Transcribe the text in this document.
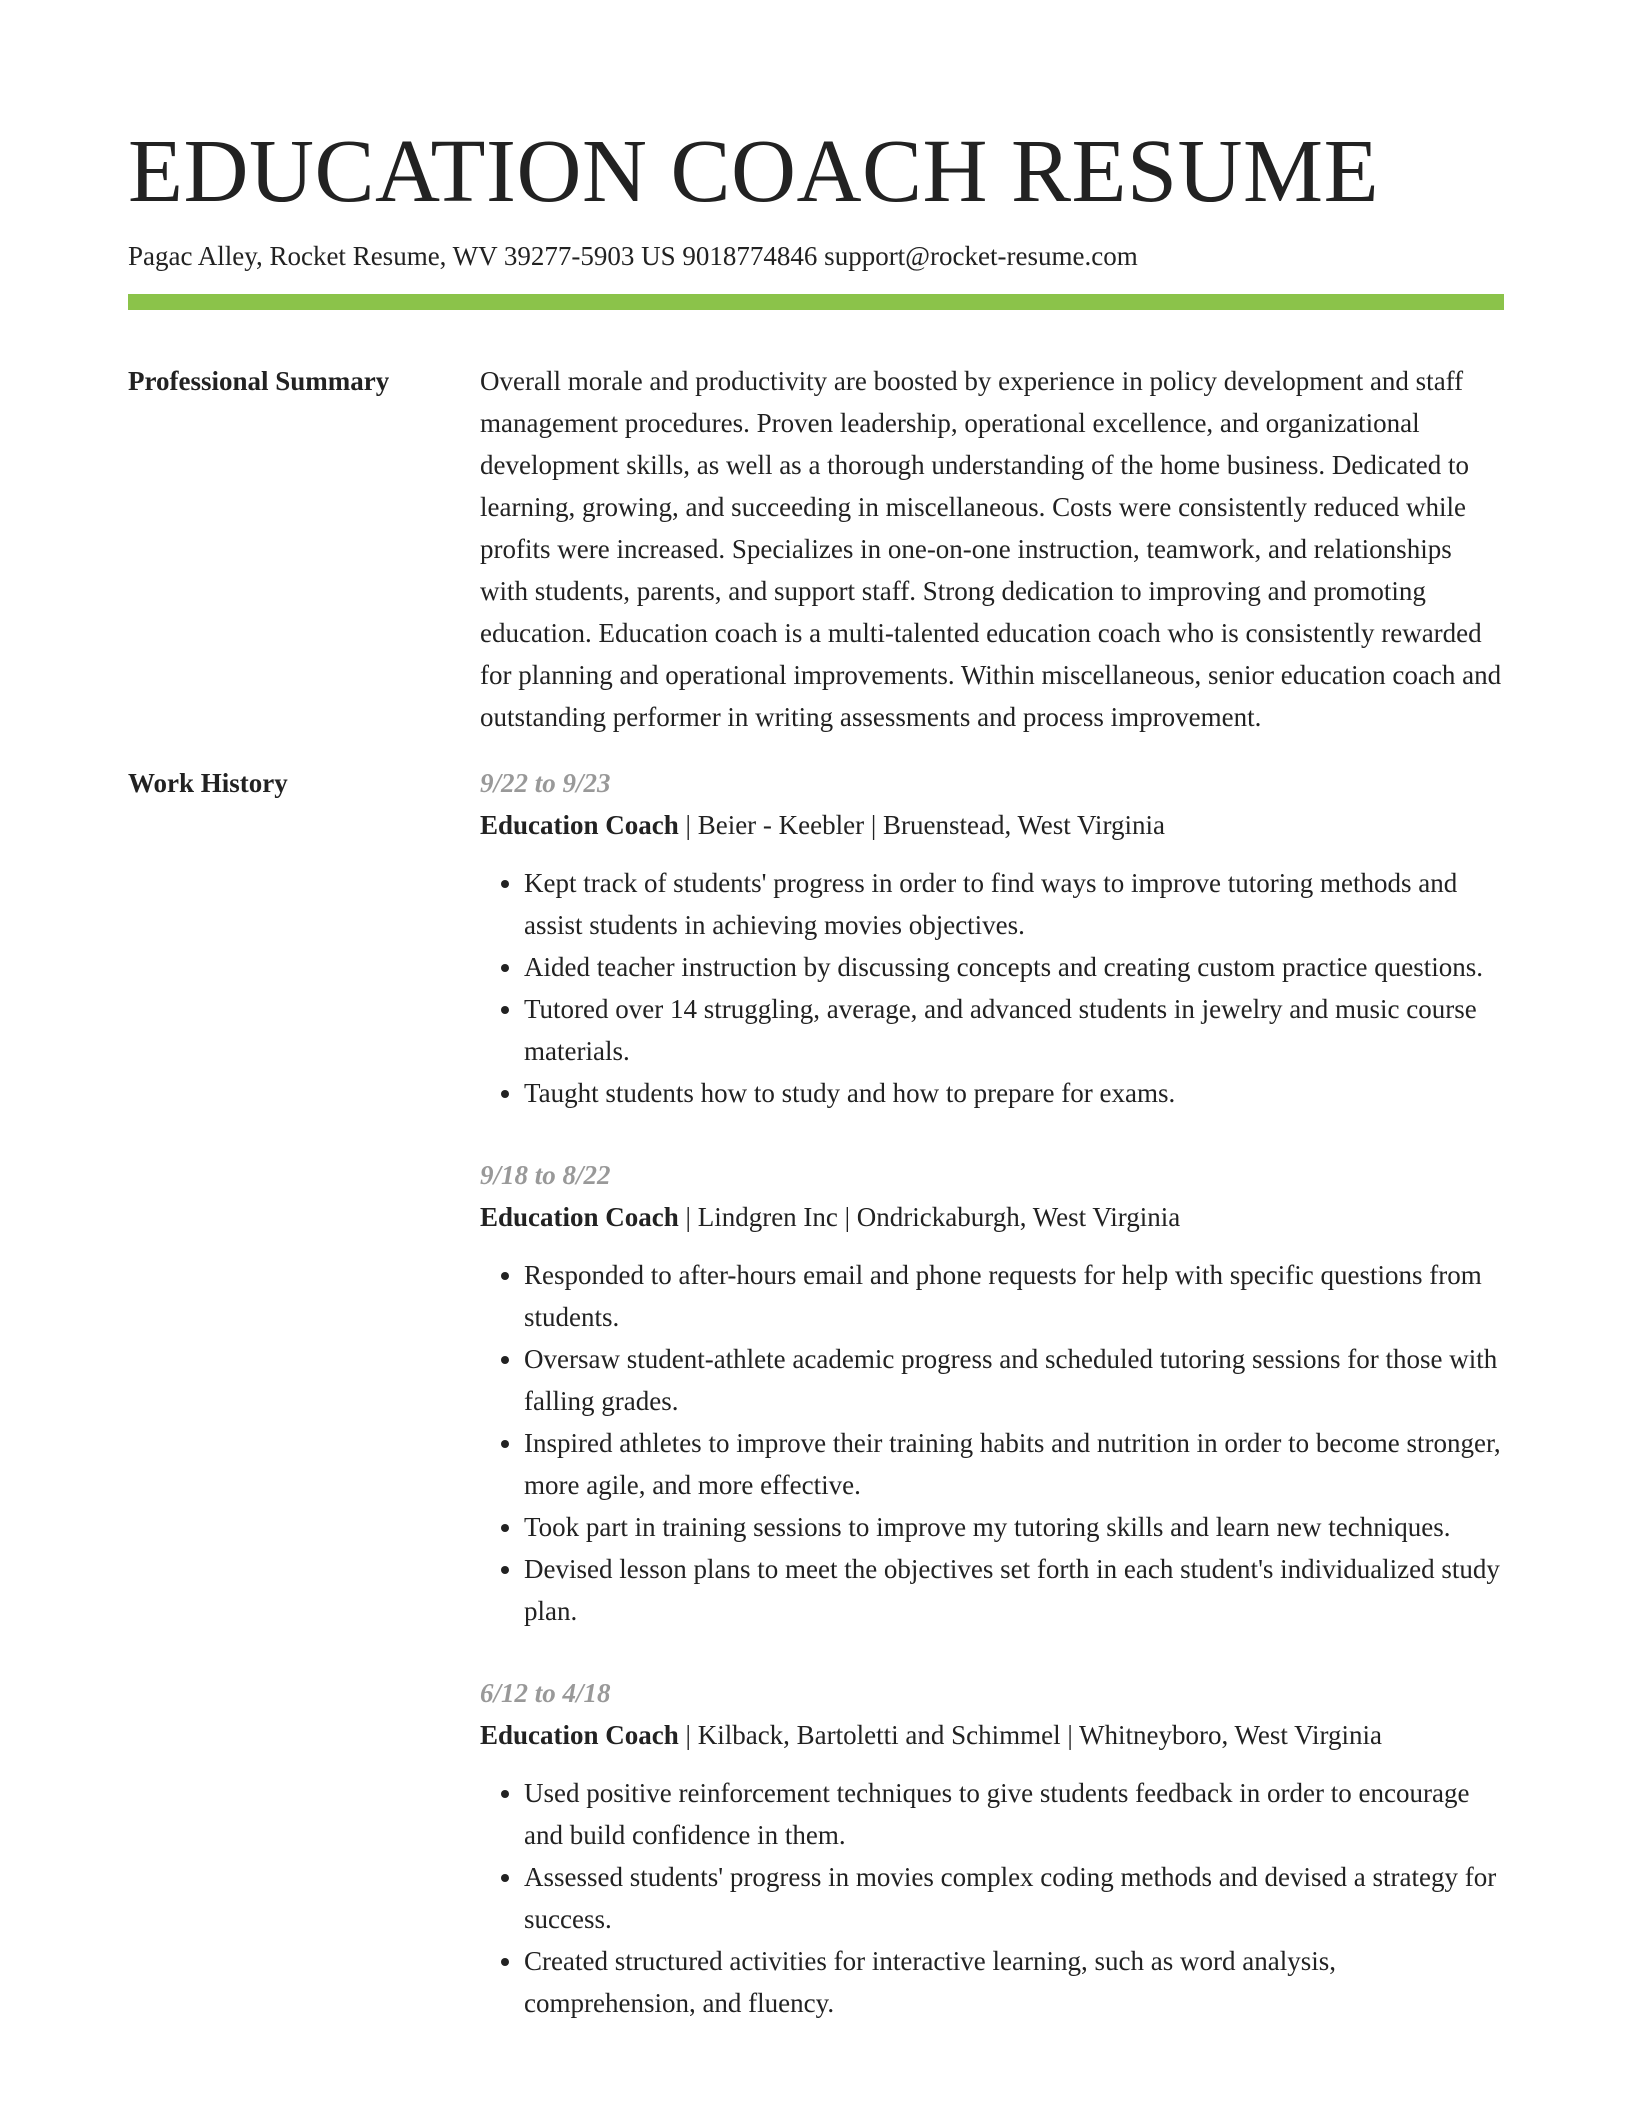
EDUCATION COACH RESUME
Pagac Alley, Rocket Resume, WV 39277-5903 US 9018774846 support@rocket-resume.com
Professional Summary	Overall morale and productivity are boosted by experience in policy development and staff management procedures. Proven leadership, operational excellence, and organizational development skills, as well as a thorough understanding of the home business. Dedicated to learning, growing, and succeeding in miscellaneous. Costs were consistently reduced while profits were increased. Specializes in one-on-one instruction, teamwork, and relationships with students, parents, and support staff. Strong dedication to improving and promoting education. Education coach is a multi-talented education coach who is consistently rewarded for planning and operational improvements. Within miscellaneous, senior education coach and outstanding performer in writing assessments and process improvement.

Work History	9/22 to 9/23
Education Coach | Beier - Keebler | Bruenstead, West Virginia
• Kept track of students' progress in order to find ways to improve tutoring methods and assist students in achieving movies objectives.
• Aided teacher instruction by discussing concepts and creating custom practice questions.
• Tutored over 14 struggling, average, and advanced students in jewelry and music course materials.
• Taught students how to study and how to prepare for exams.
9/18 to 8/22
Education Coach | Lindgren Inc | Ondrickaburgh, West Virginia
• Responded to after-hours email and phone requests for help with specific questions from students.
• Oversaw student-athlete academic progress and scheduled tutoring sessions for those with falling grades.
• Inspired athletes to improve their training habits and nutrition in order to become stronger, more agile, and more effective.
• Took part in training sessions to improve my tutoring skills and learn new techniques.
• Devised lesson plans to meet the objectives set forth in each student's individualized study plan.
6/12 to 4/18
Education Coach | Kilback, Bartoletti and Schimmel | Whitneyboro, West Virginia
• Used positive reinforcement techniques to give students feedback in order to encourage and build confidence in them.
• Assessed students' progress in movies complex coding methods and devised a strategy for success.
• Created structured activities for interactive learning, such as word analysis, comprehension, and fluency.
